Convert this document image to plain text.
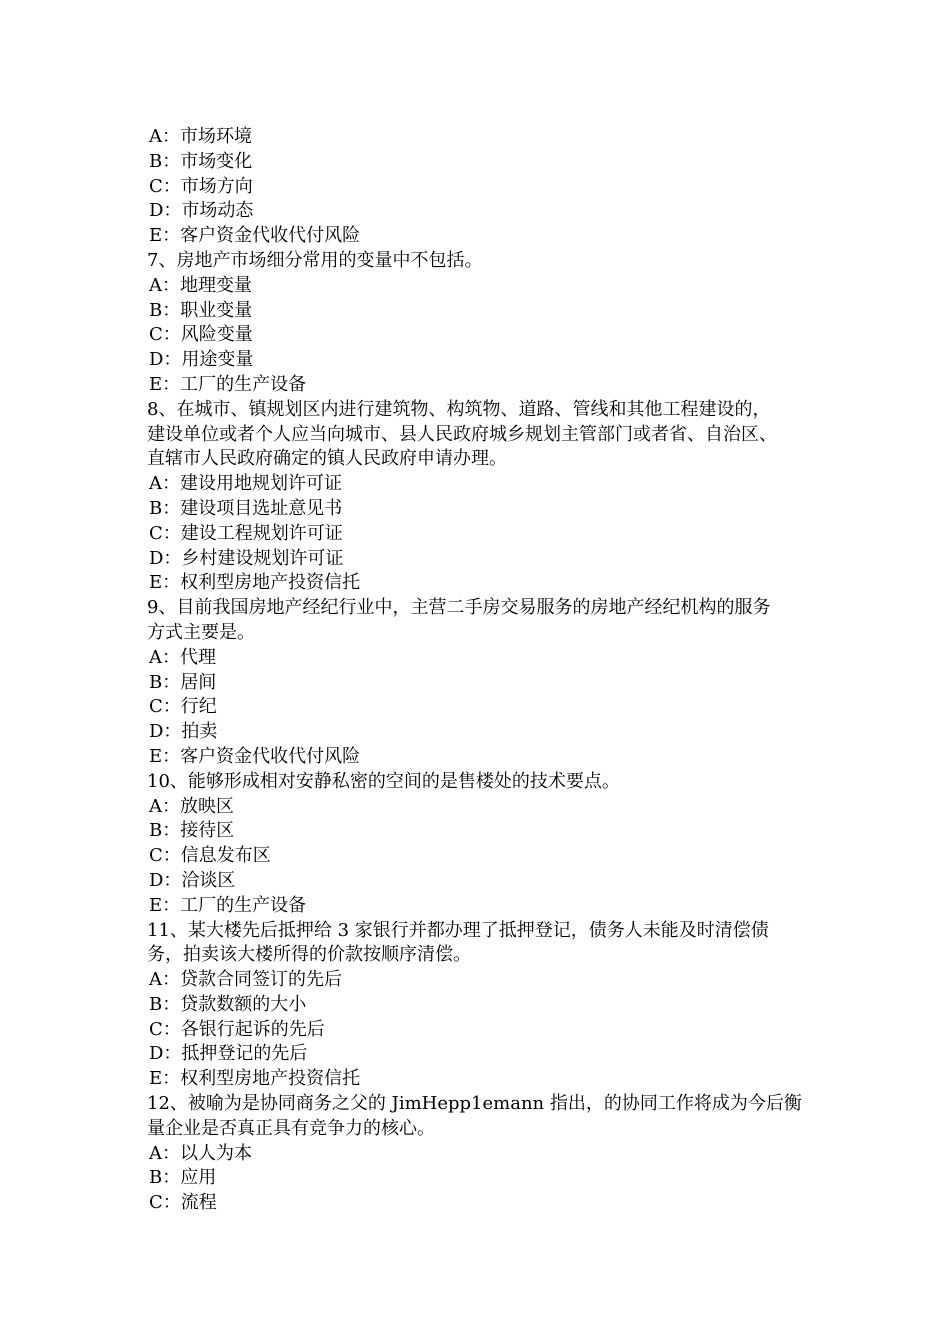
A：市场环境
B：市场变化
C：市场方向
D：市场动态
E：客户资金代收代付风险
7、房地产市场细分常用的变量中不包括。
A：地理变量
B：职业变量
C：风险变量
D：用途变量
E：工厂的生产设备
8、在城市、镇规划区内进行建筑物、构筑物、道路、管线和其他工程建设的，
建设单位或者个人应当向城市、县人民政府城乡规划主管部门或者省、自治区、
直辖市人民政府确定的镇人民政府申请办理。
A：建设用地规划许可证
B：建设项目选址意见书
C：建设工程规划许可证
D：乡村建设规划许可证
E：权利型房地产投资信托
9、目前我国房地产经纪行业中，主营二手房交易服务的房地产经纪机构的服务
方式主要是。
A：代理
B：居间
C：行纪
D：拍卖
E：客户资金代收代付风险
10、能够形成相对安静私密的空间的是售楼处的技术要点。
A：放映区
B：接待区
C：信息发布区
D：洽谈区
E：工厂的生产设备
11、某大楼先后抵押给 3 家银行并都办理了抵押登记，债务人未能及时清偿债
务，拍卖该大楼所得的价款按顺序清偿。
A：贷款合同签订的先后
B：贷款数额的大小
C：各银行起诉的先后
D：抵押登记的先后
E：权利型房地产投资信托
12、被喻为是协同商务之父的 JimHepp1emann 指出，的协同工作将成为今后衡
量企业是否真正具有竞争力的核心。
A：以人为本
B：应用
C：流程
